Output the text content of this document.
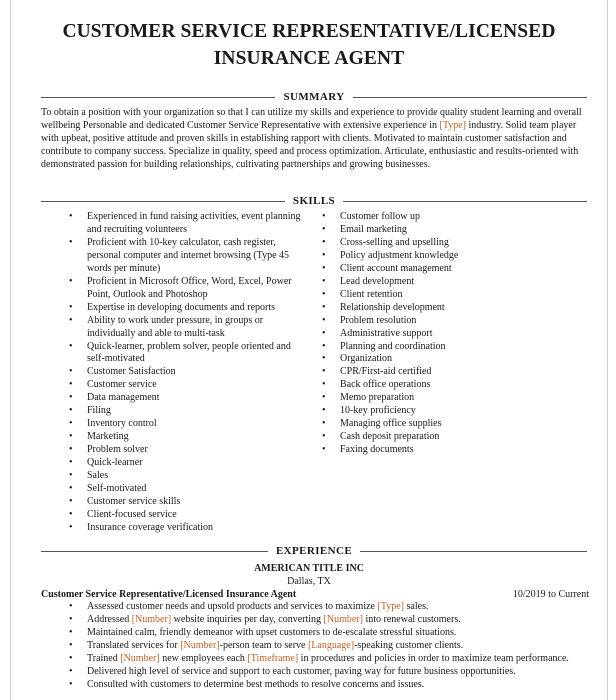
CUSTOMER SERVICE REPRESENTATIVE/LICENSED
INSURANCE AGENT
SUMMARY

To obtain a position with your organization so that I can utilize my skills and experience to provide quality student learning and overall wellbeing Personable and dedicated Customer Service Representative with extensive experience in [Type] industry. Solid team player with upbeat, positive attitude and proven skills in establishing rapport with clients. Motivated to maintain customer satisfaction and contribute to company success. Specialize in quality, speed and process optimization. Articulate, enthusiastic and results-oriented with demonstrated passion for building relationships, cultivating partnerships and growing businesses.

SKILLS
• Experienced in fund raising activities, event planning and recruiting volunteers
• Proficient with 10-key calculator, cash register, personal computer and internet browsing (Type 45 words per minute)
• Proficient in Microsoft Office, Word, Excel, Power Point, Outlook and Photoshop
• Expertise in developing documents and reports
• Ability to work under pressure, in groups or individually and able to multi-task
• Quick-learner, problem solver, people oriented and self-motivated
• Customer Satisfaction
• Customer service
• Data management
• Filing
• Inventory control
• Marketing
• Problem solver
• Quick-learner
• Sales
• Self-motivated
• Customer service skills
• Client-focused service
• Insurance coverage verification
• Customer follow up
• Email marketing
• Cross-selling and upselling
• Policy adjustment knowledge
• Client account management
• Lead development
• Client retention
• Relationship development
• Problem resolution
• Administrative support
• Planning and coordination
• Organization
• CPR/First-aid certified
• Back office operations
• Memo preparation
• 10-key proficiency
• Managing office supplies
• Cash deposit preparation
• Faxing documents
EXPERIENCE
AMERICAN TITLE INC
Dallas, TX
Customer Service Representative/Licensed Insurance Agent	10/2019 to Current
• Assessed customer needs and upsold products and services to maximize [Type] sales.
• Addressed [Number] website inquiries per day, converting [Number] into renewal customers.
• Maintained calm, friendly demeanor with upset customers to de-escalate stressful situations.
• Translated services for [Number]-person team to serve [Language]-speaking customer clients.
• Trained [Number] new employees each [Timeframe] in procedures and policies in order to maximize team performance.
• Delivered high level of service and support to each customer, paving way for future business opportunities.
• Consulted with customers to determine best methods to resolve concerns and issues.
